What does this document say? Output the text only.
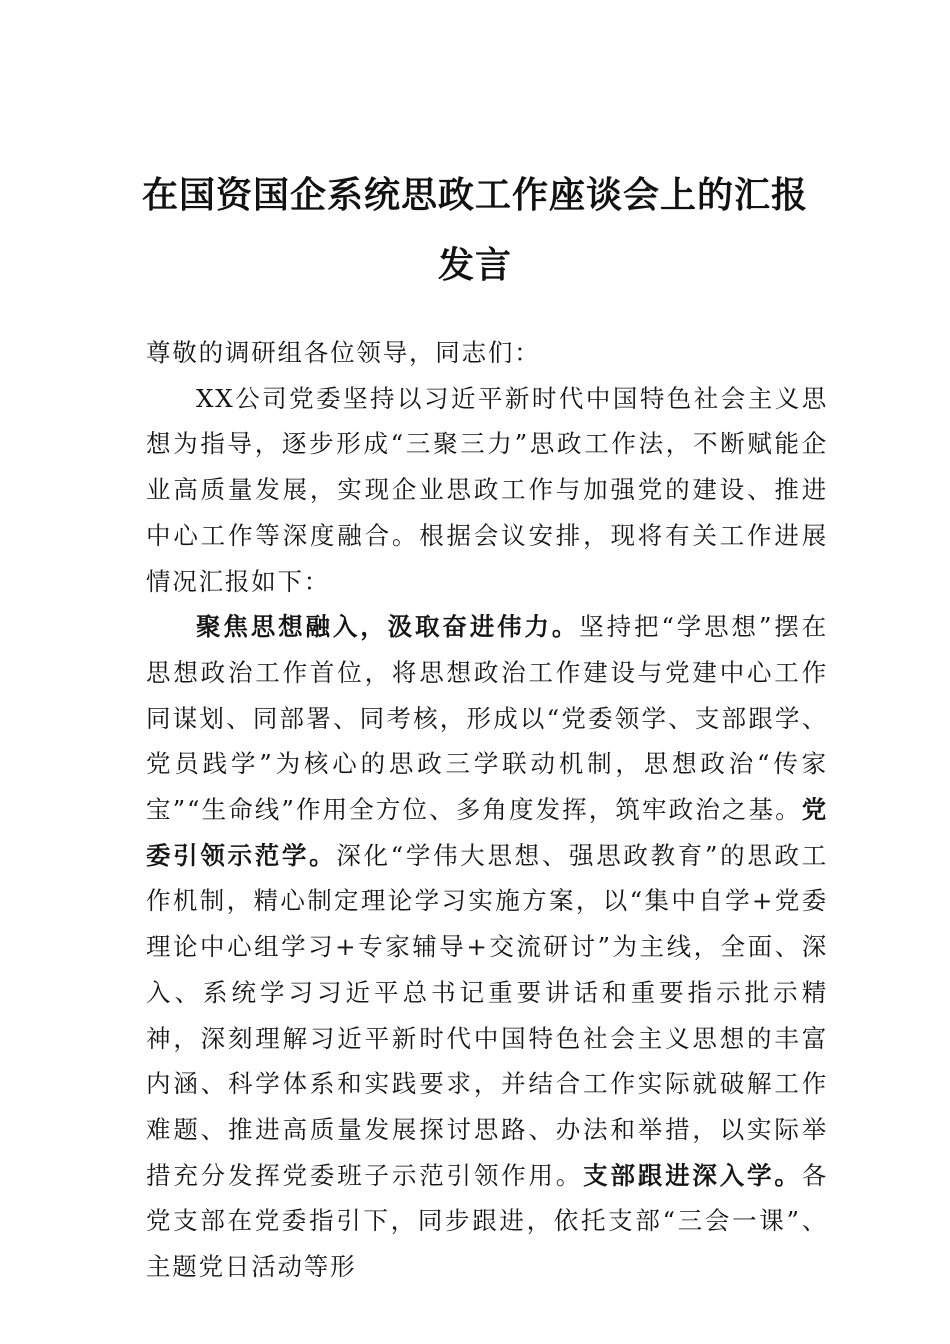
在国资国企系统思政工作座谈会上的汇报发言

尊敬的调研组各位领导，同志们：

XX公司党委坚持以习近平新时代中国特色社会主义思想为指导，逐步形成“三聚三力”思政工作法，不断赋能企业高质量发展，实现企业思政工作与加强党的建设、推进中心工作等深度融合。根据会议安排，现将有关工作进展情况汇报如下：

聚焦思想融入，汲取奋进伟力。坚持把“学思想”摆在思想政治工作首位，将思想政治工作建设与党建中心工作同谋划、同部署、同考核，形成以“党委领学、支部跟学、党员践学”为核心的思政三学联动机制，思想政治“传家宝”“生命线”作用全方位、多角度发挥，筑牢政治之基。党委引领示范学。深化“学伟大思想、强思政教育”的思政工作机制，精心制定理论学习实施方案，以“集中自学+党委理论中心组学习+专家辅导+交流研讨”为主线，全面、深入、系统学习习近平总书记重要讲话和重要指示批示精神，深刻理解习近平新时代中国特色社会主义思想的丰富内涵、科学体系和实践要求，并结合工作实际就破解工作难题、推进高质量发展探讨思路、办法和举措，以实际举措充分发挥党委班子示范引领作用。支部跟进深入学。各党支部在党委指引下，同步跟进，依托支部“三会一课”、主题党日活动等形
